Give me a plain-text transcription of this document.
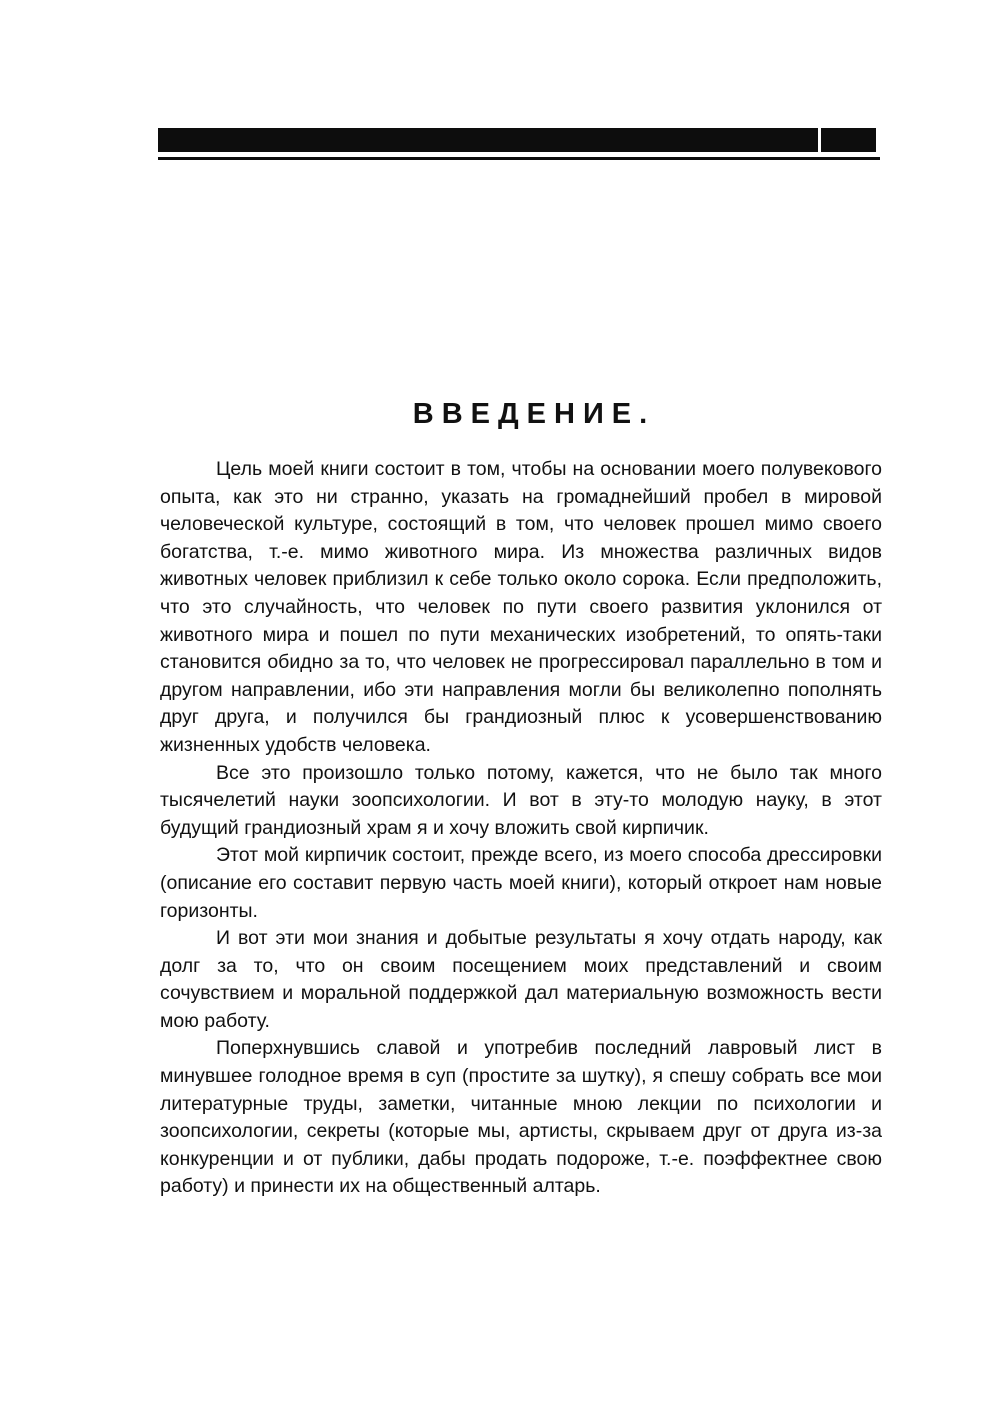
ВВЕДЕНИЕ.

Цель моей книги состоит в том, чтобы на основании моего полувекового опыта, как это ни странно, указать на громаднейший пробел в мировой человеческой культуре, состоящий в том, что человек прошел мимо своего богатства, т.-е. мимо животного мира. Из множества различных видов животных человек приблизил к себе только около сорока. Если предположить, что это случайность, что человек по пути своего развития уклонился от животного мира и пошел по пути механических изобретений, то опять-таки становится обидно за то, что человек не прогрессировал параллельно в том и другом направлении, ибо эти направления могли бы великолепно пополнять друг друга, и получился бы грандиозный плюс к усовершенствованию жизненных удобств человека.

Все это произошло только потому, кажется, что не было так много тысячелетий науки зоопсихологии. И вот в эту-то молодую науку, в этот будущий грандиозный храм я и хочу вложить свой кирпичик.

Этот мой кирпичик состоит, прежде всего, из моего способа дрессировки (описание его составит первую часть моей книги), который откроет нам новые горизонты.

И вот эти мои знания и добытые результаты я хочу отдать народу, как долг за то, что он своим посещением моих представлений и своим сочувствием и моральной поддержкой дал материальную возможность вести мою работу.

Поперхнувшись славой и употребив последний лавровый лист в минувшее голодное время в суп (простите за шутку), я спешу собрать все мои литературные труды, заметки, читанные мною лекции по психологии и зоопсихологии, секреты (которые мы, артисты, скрываем друг от друга из-за конкуренции и от публики, дабы продать подороже, т.-е. поэффектнее свою работу) и принести их на общественный алтарь.
